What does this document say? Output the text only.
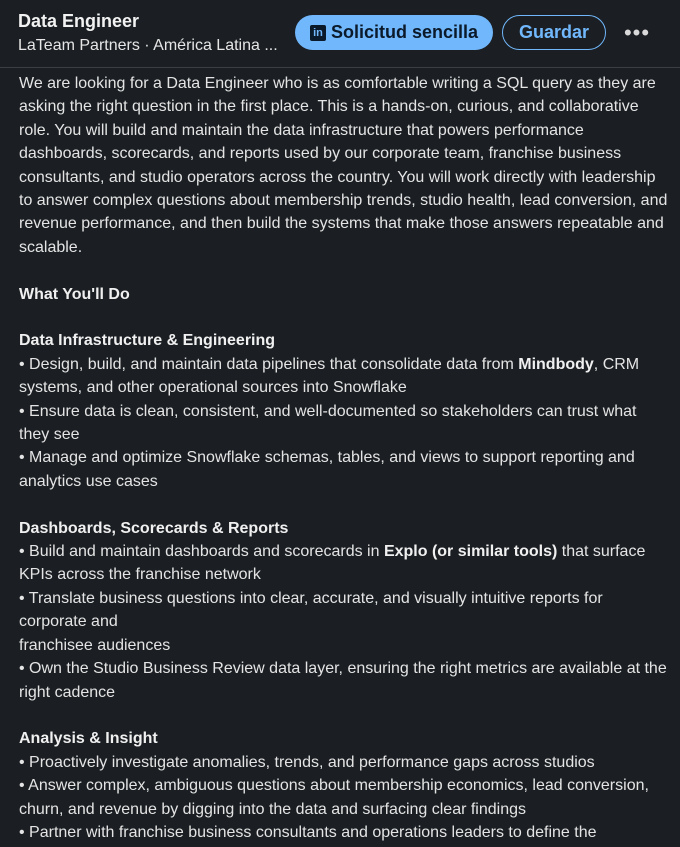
Data Engineer
LaTeam Partners · América Latina ...
in Solicitud sencilla	Guardar	•••

We are looking for a Data Engineer who is as comfortable writing a SQL query as they are asking the right question in the first place. This is a hands-on, curious, and collaborative role. You will build and maintain the data infrastructure that powers performance dashboards, scorecards, and reports used by our corporate team, franchise business consultants, and studio operators across the country. You will work directly with leadership to answer complex questions about membership trends, studio health, lead conversion, and revenue performance, and then build the systems that make those answers repeatable and scalable.

What You'll Do

Data Infrastructure & Engineering

• Design, build, and maintain data pipelines that consolidate data from Mindbody, CRM systems, and other operational sources into Snowflake

• Ensure data is clean, consistent, and well-documented so stakeholders can trust what they see

• Manage and optimize Snowflake schemas, tables, and views to support reporting and analytics use cases

Dashboards, Scorecards & Reports

• Build and maintain dashboards and scorecards in Explo (or similar tools) that surface KPIs across the franchise network

• Translate business questions into clear, accurate, and visually intuitive reports for corporate and

franchisee audiences

• Own the Studio Business Review data layer, ensuring the right metrics are available at the right cadence

Analysis & Insight

• Proactively investigate anomalies, trends, and performance gaps across studios

• Answer complex, ambiguous questions about membership economics, lead conversion, churn, and revenue by digging into the data and surfacing clear findings

• Partner with franchise business consultants and operations leaders to define the
